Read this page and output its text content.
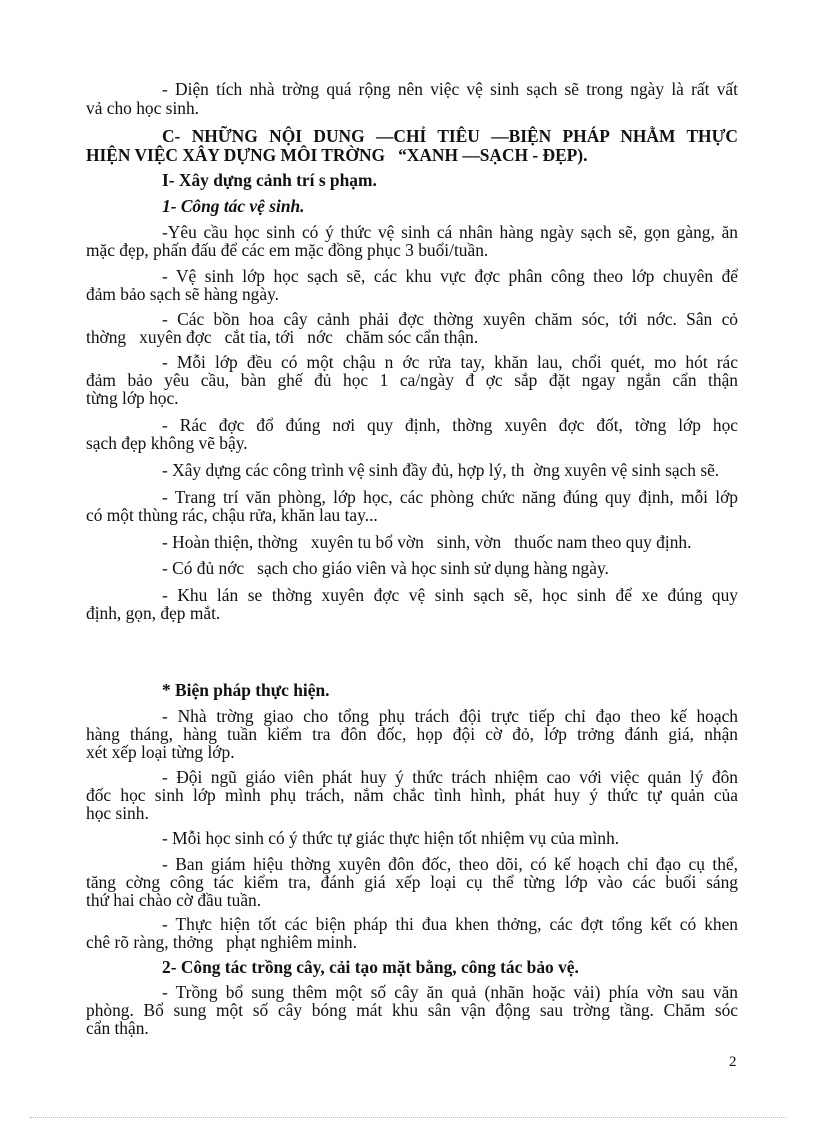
- Diện tích nhà trờng quá rộng nên việc vệ sinh sạch sẽ trong ngày là rất vất
vả cho học sinh.
C- NHỮNG NỘI DUNG —CHỈ TIÊU —BIỆN PHÁP NHẰM THỰC
HIỆN VIỆC XÂY DỰNG MÔI TRỜNG   “XANH —SẠCH - ĐẸP).
I- Xây dựng cảnh trí s phạm.
1- Công tác vệ sinh.
-Yêu cầu học sinh có ý thức vệ sinh cá nhân hàng ngày sạch sẽ, gọn gàng, ăn
mặc đẹp, phấn đấu để các em mặc đồng phục 3 buổi/tuần.
- Vệ sinh lớp học sạch sẽ, các khu vực đợc phân công theo lớp chuyên để
đảm bảo sạch sẽ hàng ngày.
- Các bồn hoa cây cảnh phải đợc thờng xuyên chăm sóc, tới nớc. Sân cỏ
thờng   xuyên đợc   cắt tỉa, tới   nớc   chăm sóc cẩn thận.
- Mỗi lớp đều có một chậu n ớc rửa tay, khăn lau, chổi quét, mo hót rác
đảm bảo yêu cầu, bàn ghế đủ học 1 ca/ngày đ ợc sắp đặt ngay ngắn cẩn thận
từng lớp học.
- Rác đợc đổ đúng nơi quy định, thờng xuyên đợc đốt, tờng lớp học
sạch đẹp không vẽ bậy.
- Xây dựng các công trình vệ sinh đầy đủ, hợp lý, th  ờng xuyên vệ sinh sạch sẽ.
- Trang trí văn phòng, lớp học, các phòng chức năng đúng quy định, mỗi lớp
có một thùng rác, chậu rửa, khăn lau tay...
- Hoàn thiện, thờng   xuyên tu bổ vờn   sinh, vờn   thuốc nam theo quy định.
- Có đủ nớc   sạch cho giáo viên và học sinh sử dụng hàng ngày.
- Khu lán se thờng xuyên đợc vệ sinh sạch sẽ, học sinh để xe đúng quy
định, gọn, đẹp mắt.
* Biện pháp thực hiện.
- Nhà trờng giao cho tổng phụ trách đội trực tiếp chỉ đạo theo kế hoạch
hàng tháng, hàng tuần kiểm tra đôn đốc, họp đội cờ đỏ, lớp trởng đánh giá, nhận
xét xếp loại từng lớp.
- Đội ngũ giáo viên phát huy ý thức trách nhiệm cao với việc quản lý đôn
đốc học sinh lớp mình phụ trách, nắm chắc tình hình, phát huy ý thức tự quản của
học sinh.
- Mỗi học sinh có ý thức tự giác thực hiện tốt nhiệm vụ của mình.
- Ban giám hiệu thờng xuyên đôn đốc, theo dõi, có kế hoạch chỉ đạo cụ thể,
tăng cờng công tác kiểm tra, đánh giá xếp loại cụ thể từng lớp vào các buổi sáng
thứ hai chào cờ đầu tuần.
- Thực hiện tốt các biện pháp thi đua khen thởng, các đợt tổng kết có khen
chê rõ ràng, thởng   phạt nghiêm minh.
2- Công tác trồng cây, cải tạo mặt bằng, công tác bảo vệ.
- Trồng bổ sung thêm một số cây ăn quả (nhãn hoặc vải) phía vờn sau văn
phòng. Bổ sung một số cây bóng mát khu sân vận động sau trờng tầng. Chăm sóc
cẩn thận.
2
